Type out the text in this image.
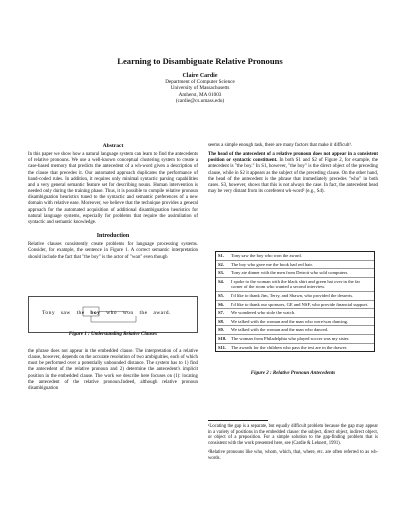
Learning to Disambiguate Relative Pronouns
Claire Cardie
Department of Computer Science
University of Massachusetts
Amherst, MA 01003
(cardie@cs.umass.edu)
Abstract

In this paper we show how a natural language system can learn to find the antecedents of relative pronouns. We use a well-known conceptual clustering system to create a case-based memory that predicts the antecedent of a wh-word given a description of the clause that precedes it. Our automated approach duplicates the performance of hand-coded rules. In addition, it requires only minimal syntactic parsing capabilities and a very general semantic feature set for describing nouns. Human intervention is needed only during the training phase. Thus, it is possible to compile relative pronoun disambiguation heuristics tuned to the syntactic and semantic preferences of a new domain with relative ease. Moreover, we believe that the technique provides a general approach for the automated acquisition of additional disambiguation heuristics for natural language systems, especially for problems that require the assimilation of syntactic and semantic knowledge.

Introduction

Relative clauses consistently create problems for language processing systems. Consider, for example, the sentence in Figure 1. A correct semantic interpretation should include the fact that "the boy" is the actor of "won" even though

Tony saw the boy who won the award.
Figure 1 : Understanding Relative Clauses
the phrase does not appear in the embedded clause. The interpretation of a relative clause, however, depends on the accurate resolution of two ambiguities, each of which must be performed over a potentially unbounded distance. The system has to 1) find the antecedent of the relative pronoun and 2) determine the antecedent's implicit position in the embedded clause. The work we describe here focuses on (1): locating the antecedent of the relative pronoun.Indeed, although relative pronoun disambiguation

seems a simple enough task, there are many factors that make it difficult¹.

The head of the antecedent of a relative pronoun does not appear in a consistent position or syntactic constituent. In both S1 and S2 of Figure 2, for example, the antecedent is "the boy." In S1, however, "the boy" is the direct object of the preceding clause, while in S2 it appears as the subject of the preceding clause. On the other hand, the head of the antecedent is the phrase that immediately precedes "who" in both cases. S3, however, shows that this is not always the case. In fact, the antecedent head may be very distant from its coreferent wh-word² (e.g., S4).

S1.	Tony saw the boy who won the award.
S2.	The boy who gave me the book had red hair.
S3.	Tony ate dinner with the men from Detroit who sold computers.
S4.	I spoke to the woman with the black shirt and green hat over in the far corner of the room who wanted a second interview.
S5.	I'd like to thank Jim, Terry, and Shawn, who provided the desserts.
S6.	I'd like to thank our sponsors, GE and NSF, who provide financial support.
S7.	We wondered who stole the watch.
S8.	We talked with the woman and the man who were/was dancing.
S9.	We talked with the woman and the man who danced.
S10.	The woman from Philadelphia who played soccer was my sister.
S11.	The awards for the children who pass the test are in the drawer.
Figure 2 : Relative Pronoun Antecedents

¹Locating the gap is a separate, but equally difficult problem because the gap may appear in a variety of positions in the embedded clause: the subject, direct object, indirect object, or object of a preposition. For a simple solution to the gap-finding problem that is consistent with the work presented here, see (Cardie & Lehnert, 1991).

²Relative pronouns like who, whom, which, that, where, etc. are often referred to as wh-words.
